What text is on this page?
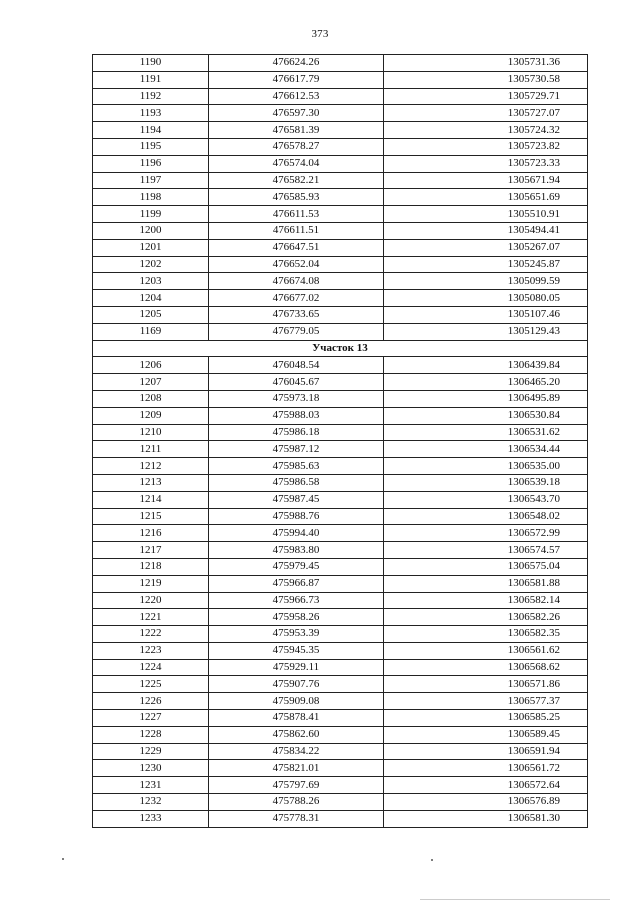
373
1190	476624.26	1305731.36
1191	476617.79	1305730.58
1192	476612.53	1305729.71
1193	476597.30	1305727.07
1194	476581.39	1305724.32
1195	476578.27	1305723.82
1196	476574.04	1305723.33
1197	476582.21	1305671.94
1198	476585.93	1305651.69
1199	476611.53	1305510.91
1200	476611.51	1305494.41
1201	476647.51	1305267.07
1202	476652.04	1305245.87
1203	476674.08	1305099.59
1204	476677.02	1305080.05
1205	476733.65	1305107.46
1169	476779.05	1305129.43
Участок 13		
1206	476048.54	1306439.84
1207	476045.67	1306465.20
1208	475973.18	1306495.89
1209	475988.03	1306530.84
1210	475986.18	1306531.62
1211	475987.12	1306534.44
1212	475985.63	1306535.00
1213	475986.58	1306539.18
1214	475987.45	1306543.70
1215	475988.76	1306548.02
1216	475994.40	1306572.99
1217	475983.80	1306574.57
1218	475979.45	1306575.04
1219	475966.87	1306581.88
1220	475966.73	1306582.14
1221	475958.26	1306582.26
1222	475953.39	1306582.35
1223	475945.35	1306561.62
1224	475929.11	1306568.62
1225	475907.76	1306571.86
1226	475909.08	1306577.37
1227	475878.41	1306585.25
1228	475862.60	1306589.45
1229	475834.22	1306591.94
1230	475821.01	1306561.72
1231	475797.69	1306572.64
1232	475788.26	1306576.89
1233	475778.31	1306581.30
